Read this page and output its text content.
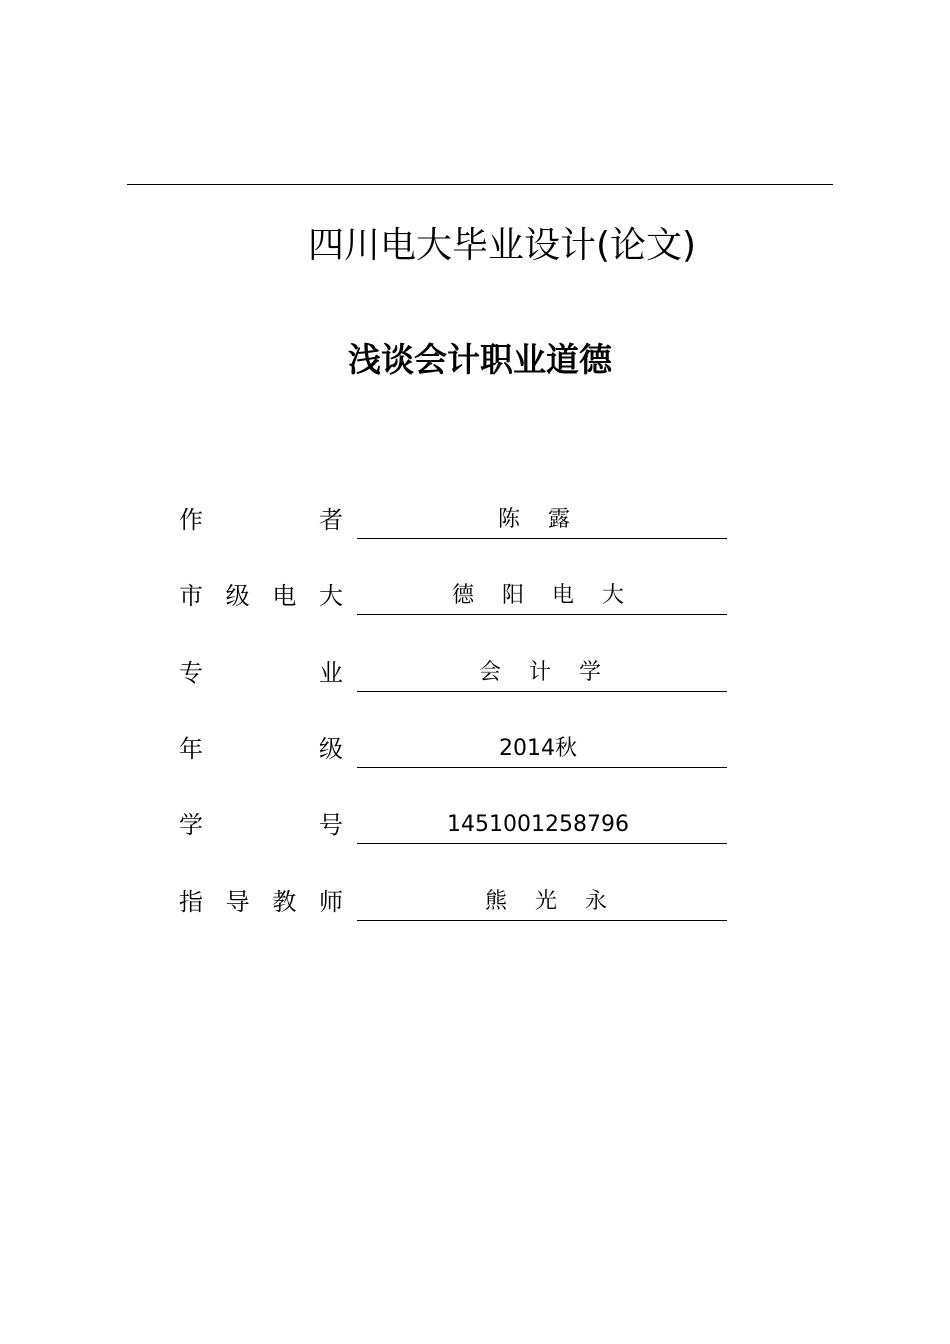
四川电大毕业设计(论文)
浅谈会计职业道德
作	者	陈    露
市 级 电 大	德    阳    电    大
专	业	会    计    学
年	级	2014秋
学	号	1451001258796
指 导 教 师	熊    光    永
